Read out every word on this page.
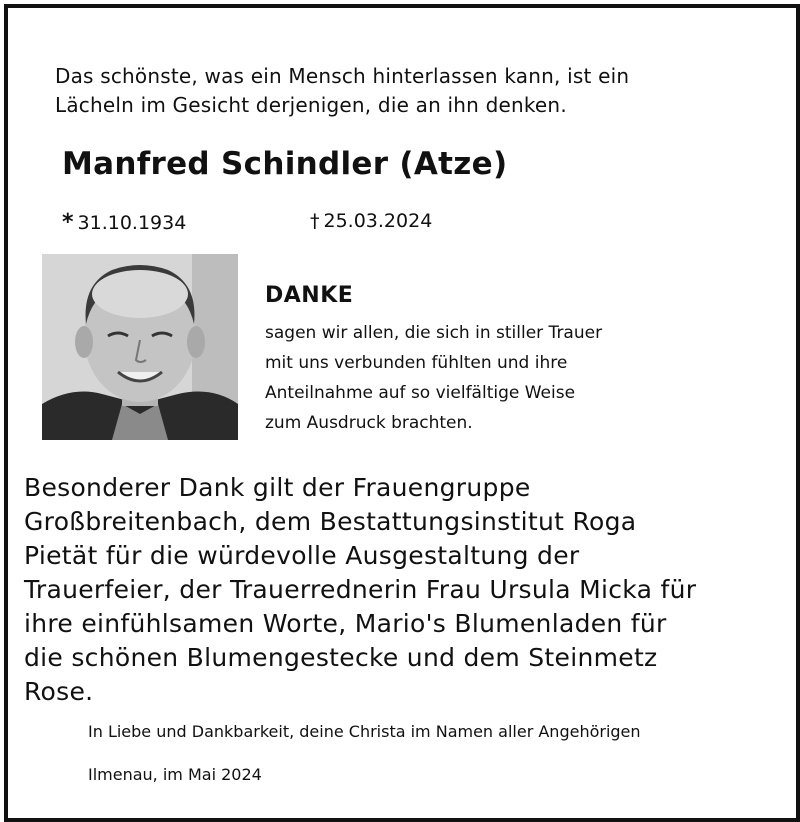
Das schönste, was ein Mensch hinterlassen kann, ist ein
Lächeln im Gesicht derjenigen, die an ihn denken.
Manfred Schindler (Atze)
* 31.10.1934	† 25.03.2024
DANKE
sagen wir allen, die sich in stiller Trauer
mit uns verbunden fühlten und ihre
Anteilnahme auf so vielfältige Weise
zum Ausdruck brachten.
Besonderer Dank gilt der Frauengruppe
Großbreitenbach, dem Bestattungsinstitut Roga
Pietät für die würdevolle Ausgestaltung der
Trauerfeier, der Trauerrednerin Frau Ursula Micka für
ihre einfühlsamen Worte, Mario's Blumenladen für
die schönen Blumengestecke und dem Steinmetz
Rose.
In Liebe und Dankbarkeit, deine Christa im Namen aller Angehörigen
Ilmenau, im Mai 2024
